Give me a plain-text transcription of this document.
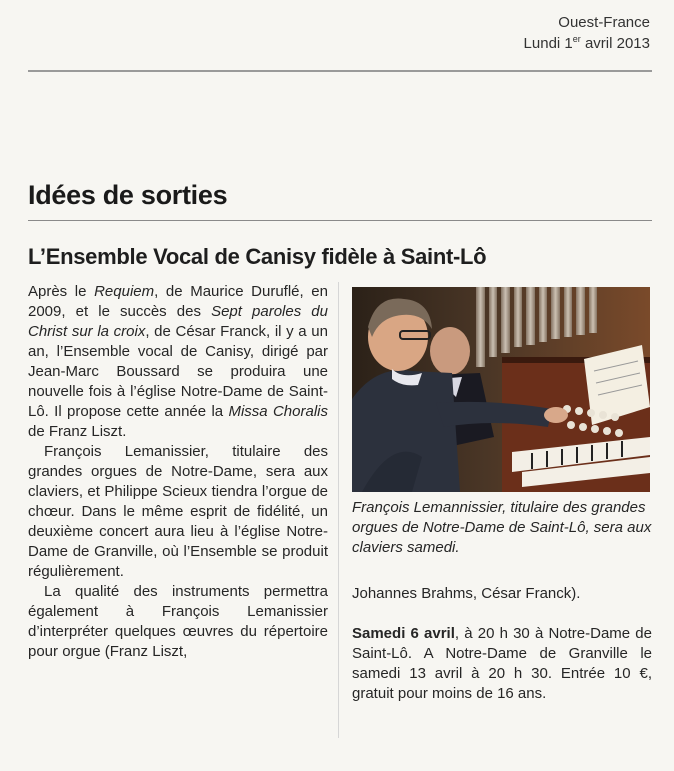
Ouest-France
Lundi 1er avril 2013
Idées de sorties
L’Ensemble Vocal de Canisy fidèle à Saint-Lô

Après le Requiem, de Maurice Duruflé, en 2009, et le succès des Sept paroles du Christ sur la croix, de César Franck, il y a un an, l’Ensemble vocal de Canisy, dirigé par Jean-Marc Boussard se produira une nouvelle fois à l’église Notre-Dame de Saint-Lô. Il propose cette année la Missa Choralis de Franz Liszt.

François Lemanissier, titulaire des grandes orgues de Notre-Dame, sera aux claviers, et Philippe Scieux tiendra l’orgue de chœur. Dans le même esprit de fidélité, un deuxième concert aura lieu à l’église Notre-Dame de Granville, où l’Ensemble se produit régulièrement.

La qualité des instruments permettra également à François Lemanissier d’interpréter quelques œuvres du répertoire pour orgue (Franz Liszt,

François Lemannissier, titulaire des grandes orgues de Notre-Dame de Saint-Lô, sera aux claviers samedi.

Johannes Brahms, César Franck).

Samedi 6 avril, à 20 h 30 à Notre-Dame de Saint-Lô. A Notre-Dame de Granville le samedi 13 avril à 20 h 30. Entrée 10 €, gratuit pour moins de 16 ans.
